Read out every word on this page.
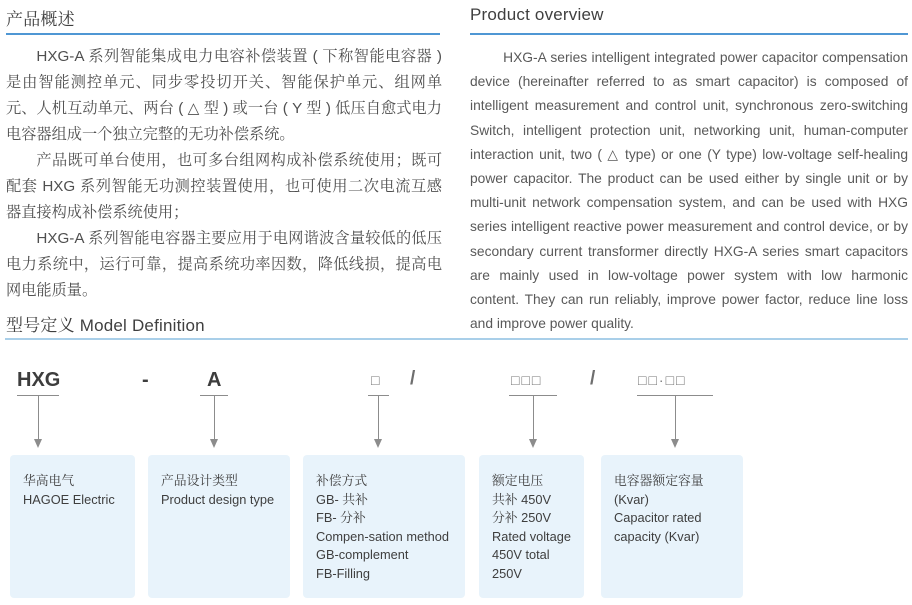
产品概述	Product overview

HXG-A 系列智能集成电力电容补偿装置 ( 下称智能电容器 ) 是由智能测控单元、同步零投切开关、智能保护单元、组网单元、人机互动单元、两台 ( △ 型 ) 或一台 ( Y 型 ) 低压自愈式电力电容器组成一个独立完整的无功补偿系统。

产品既可单台使用，也可多台组网构成补偿系统使用；既可配套 HXG 系列智能无功测控装置使用，也可使用二次电流互感器直接构成补偿系统使用；

HXG-A 系列智能电容器主要应用于电网谐波含量较低的低压电力系统中，运行可靠，提高系统功率因数，降低线损，提高电网电能质量。

HXG-A series intelligent integrated power capacitor compensation device (hereinafter referred to as smart capacitor) is composed of intelligent measurement and control unit, synchronous zero-switching Switch, intelligent protection unit, networking unit, human-computer interaction unit, two ( △ type) or one (Y type) low-voltage self-healing power capacitor. The product can be used either by single unit or by multi-unit network compensation system, and can be used with HXG series intelligent reactive power measurement and control device, or by secondary current transformer directly HXG-A series smart capacitors are mainly used in low-voltage power system with low harmonic content. They can run reliably, improve power factor, reduce line loss and improve power quality.

型号定义 Model Definition
HXG	-	A	□ /	□□□	/	□□·□□
华高电气
HAGOE Electric
产品设计类型
Product design type
补偿方式
GB- 共补
FB- 分补
Compen-sation method
GB-complement
FB-Filling
额定电压
共补 450V
分补 250V
Rated voltage
450V total
250V
电容器额定容量 (Kvar)
Capacitor rated
capacity (Kvar)
